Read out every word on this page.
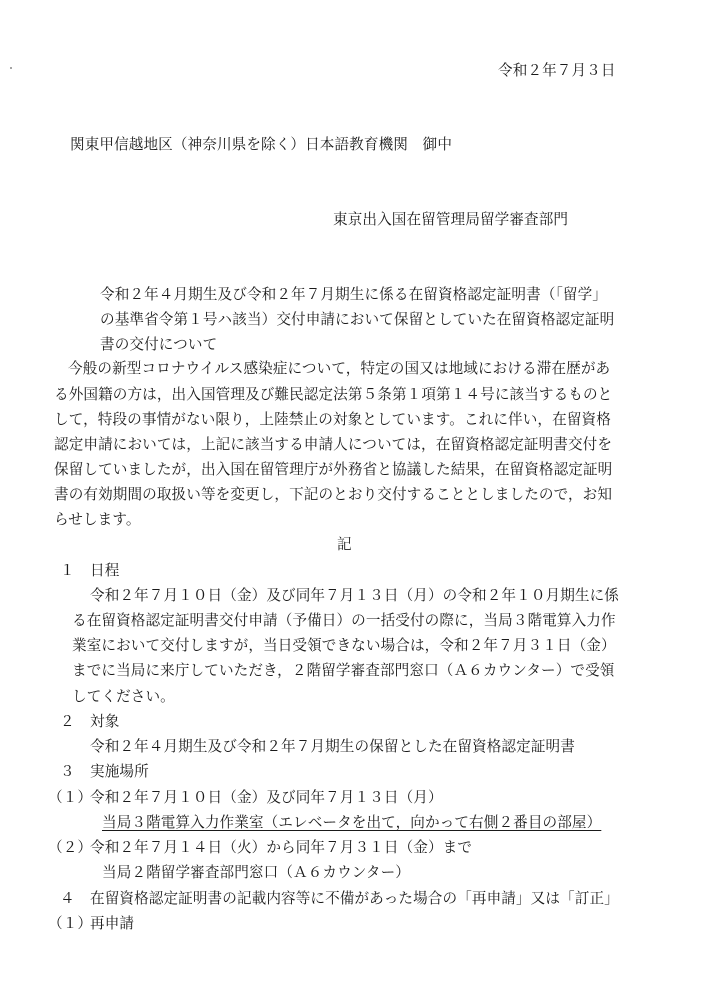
令和２年７月３日
関東甲信越地区（神奈川県を除く）日本語教育機関　御中
東京出入国在留管理局留学審査部門
令和２年４月期生及び令和２年７月期生に係る在留資格認定証明書（「留学」
の基準省令第１号ハ該当）交付申請において保留としていた在留資格認定証明
書の交付について
今般の新型コロナウイルス感染症について，特定の国又は地域における滞在歴があ
る外国籍の方は，出入国管理及び難民認定法第５条第１項第１４号に該当するものと
して，特段の事情がない限り，上陸禁止の対象としています。これに伴い，在留資格
認定申請においては，上記に該当する申請人については，在留資格認定証明書交付を
保留していましたが，出入国在留管理庁が外務省と協議した結果，在留資格認定証明
書の有効期間の取扱い等を変更し，下記のとおり交付することとしましたので，お知
らせします。
記
１ 日程
令和２年７月１０日（金）及び同年７月１３日（月）の令和２年１０月期生に係
る在留資格認定証明書交付申請（予備日）の一括受付の際に，当局３階電算入力作
業室において交付しますが，当日受領できない場合は，令和２年７月３１日（金）
までに当局に来庁していただき，２階留学審査部門窓口（Ａ６カウンター）で受領
してください。
２ 対象
令和２年４月期生及び令和２年７月期生の保留とした在留資格認定証明書
３ 実施場所
（１）
令和２年７月１０日（金）及び同年７月１３日（月）
当局３階電算入力作業室（エレベータを出て，向かって右側２番目の部屋）
（２）
令和２年７月１４日（火）から同年７月３１日（金）まで
当局２階留学審査部門窓口（Ａ６カウンター）
４ 在留資格認定証明書の記載内容等に不備があった場合の「再申請」又は「訂正」
（１）
再申請
